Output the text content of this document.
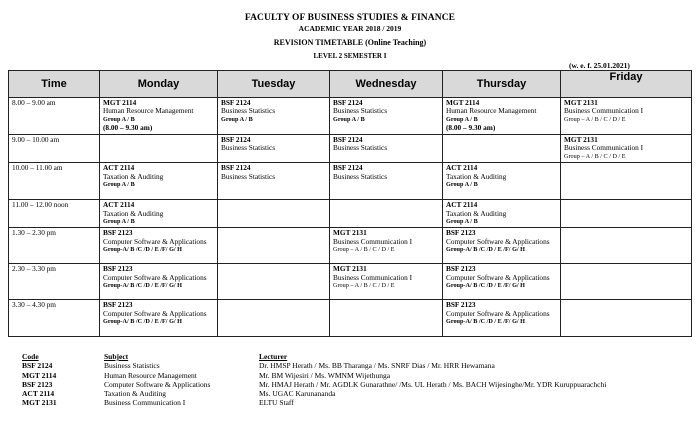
FACULTY OF BUSINESS STUDIES & FINANCE
ACADEMIC YEAR 2018 / 2019
REVISION TIMETABLE (Online Teaching)
LEVEL 2 SEMESTER I
(w. e. f. 25.01.2021)
Time	Monday	Tuesday	Wednesday	Thursday	Friday
8.00 – 9.00 am	MGT 2114
Human Resource Management
Group A / B
(8.00 – 9.30 am)	BSF 2124
Business Statistics
Group A / B	BSF 2124
Business Statistics
Group A / B	MGT 2114
Human Resource Management
Group A / B
(8.00 – 9.30 am)	MGT 2131
Business Communication I
Group – A / B / C / D / E

9.00 – 10.00 am		BSF 2124
Business Statistics	BSF 2124
Business Statistics		MGT 2131
Business Communication I
Group – A / B / C / D / E

10.00 – 11.00 am	ACT 2114
Taxation & Auditing
Group A / B	BSF 2124
Business Statistics	BSF 2124
Business Statistics	ACT 2114
Taxation & Auditing
Group A / B	

11.00 – 12.00 noon	ACT 2114
Taxation & Auditing
Group A / B			ACT 2114
Taxation & Auditing
Group A / B	

1.30 – 2.30 pm	BSF 2123
Computer Software & Applications
Group-A/ B /C /D / E /F/ G/ H		MGT 2131
Business Communication I
Group – A / B / C / D / E	BSF 2123
Computer Software & Applications
Group-A/ B /C /D / E /F/ G/ H	

2.30 – 3.30 pm	BSF 2123
Computer Software & Applications
Group-A/ B /C /D / E /F/ G/ H		MGT 2131
Business Communication I
Group – A / B / C / D / E	BSF 2123
Computer Software & Applications
Group-A/ B /C /D / E /F/ G/ H	

3.30 – 4.30 pm	BSF 2123
Computer Software & Applications
Group-A/ B /C /D / E /F/ G/ H			BSF 2123
Computer Software & Applications
Group-A/ B /C /D / E /F/ G/ H	

Code	Subject	Lecturer
BSF 2124	Business Statistics	Dr. HMSP Herath / Ms. BB Tharanga / Ms. SNRF Dias / Mr. HRR Hewamana
MGT 2114	Human Resource Management	Mr. BM Wijesiri / Ms. WMNM Wijethunga
BSF 2123	Computer Software & Applications	Mr. HMAJ Herath / Mr. AGDLK Gunarathne/ /Ms. UL Herath / Ms. BACH Wijesinghe/Mr. YDR Kuruppuarachchi
ACT 2114	Taxation & Auditing	Ms. UGAC Karunananda
MGT 2131	Business Communication I	ELTU Staff
